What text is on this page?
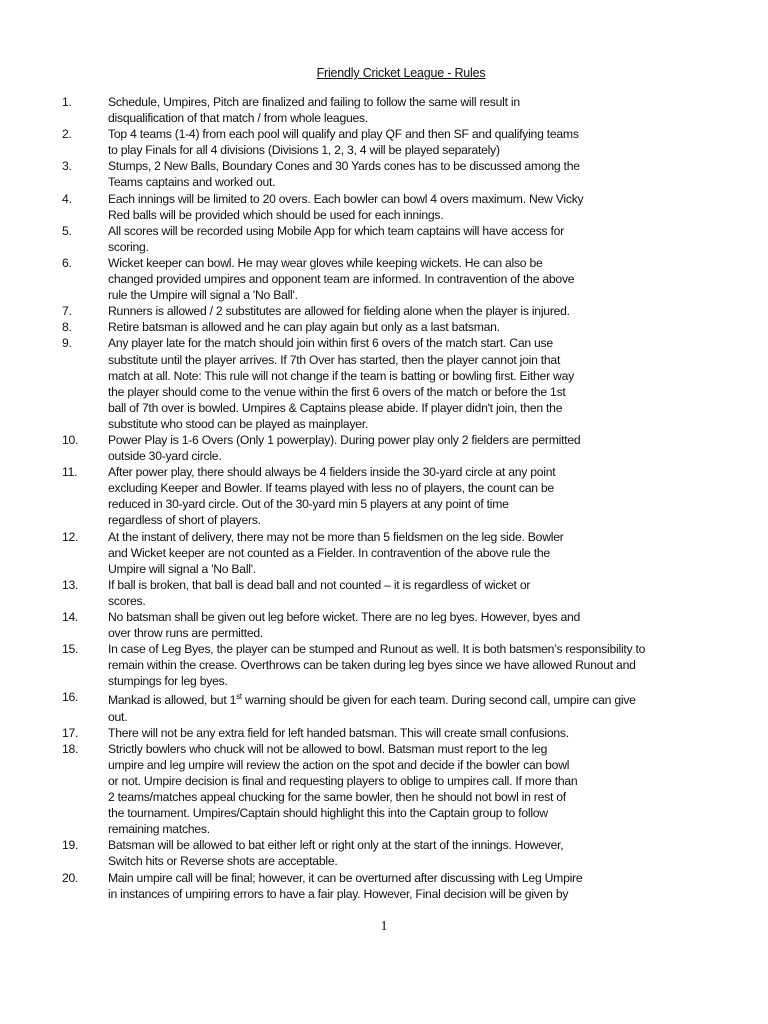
Friendly Cricket League - Rules
1.	Schedule, Umpires, Pitch are finalized and failing to follow the same will result in
disqualification of that match / from whole leagues.
2.	Top 4 teams (1-4) from each pool will qualify and play QF and then SF and qualifying teams
to play Finals for all 4 divisions (Divisions 1, 2, 3, 4 will be played separately)
3.	Stumps, 2 New Balls, Boundary Cones and 30 Yards cones has to be discussed among the
Teams captains and worked out.
4.	Each innings will be limited to 20 overs. Each bowler can bowl 4 overs maximum. New Vicky
Red balls will be provided which should be used for each innings.
5.	All scores will be recorded using Mobile App for which team captains will have access for
scoring.
6.	Wicket keeper can bowl. He may wear gloves while keeping wickets. He can also be
changed provided umpires and opponent team are informed. In contravention of the above
rule the Umpire will signal a 'No Ball'.
7.	Runners is allowed / 2 substitutes are allowed for fielding alone when the player is injured.
8.	Retire batsman is allowed and he can play again but only as a last batsman.
9.	Any player late for the match should join within first 6 overs of the match start. Can use
substitute until the player arrives. If 7th Over has started, then the player cannot join that
match at all. Note: This rule will not change if the team is batting or bowling first. Either way
the player should come to the venue within the first 6 overs of the match or before the 1st
ball of 7th over is bowled. Umpires & Captains please abide. If player didn't join, then the
substitute who stood can be played as mainplayer.
10.	Power Play is 1-6 Overs (Only 1 powerplay). During power play only 2 fielders are permitted
outside 30-yard circle.
11.	After power play, there should always be 4 fielders inside the 30-yard circle at any point
excluding Keeper and Bowler. If teams played with less no of players, the count can be
reduced in 30-yard circle. Out of the 30-yard min 5 players at any point of time
regardless of short of players.
12.	At the instant of delivery, there may not be more than 5 fieldsmen on the leg side. Bowler
and Wicket keeper are not counted as a Fielder. In contravention of the above rule the
Umpire will signal a 'No Ball'.
13.	If ball is broken, that ball is dead ball and not counted – it is regardless of wicket or
scores.
14.	No batsman shall be given out leg before wicket. There are no leg byes. However, byes and
over throw runs are permitted.
15.	In case of Leg Byes, the player can be stumped and Runout as well. It is both batsmen’s responsibility to
remain within the crease. Overthrows can be taken during leg byes since we have allowed Runout and
stumpings for leg byes.
16.	Mankad is allowed, but 1st warning should be given for each team. During second call, umpire can give
out.
17.	There will not be any extra field for left handed batsman. This will create small confusions.
18.	Strictly bowlers who chuck will not be allowed to bowl. Batsman must report to the leg
umpire and leg umpire will review the action on the spot and decide if the bowler can bowl
or not. Umpire decision is final and requesting players to oblige to umpires call. If more than
2 teams/matches appeal chucking for the same bowler, then he should not bowl in rest of
the tournament. Umpires/Captain should highlight this into the Captain group to follow
remaining matches.
19.	Batsman will be allowed to bat either left or right only at the start of the innings. However,
Switch hits or Reverse shots are acceptable.
20.	Main umpire call will be final; however, it can be overturned after discussing with Leg Umpire
in instances of umpiring errors to have a fair play. However, Final decision will be given by
1
